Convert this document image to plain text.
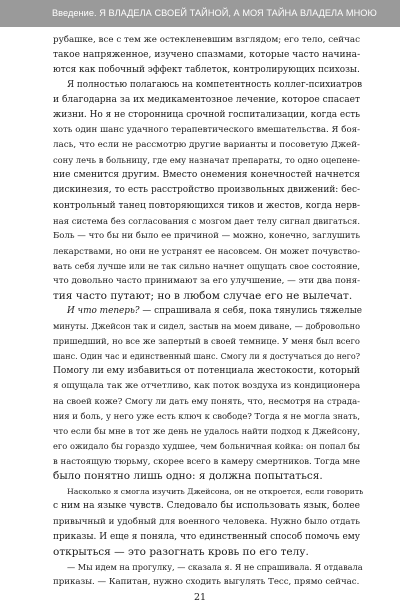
Введение. Я ВЛАДЕЛА СВОЕЙ ТАЙНОЙ, А МОЯ ТАЙНА ВЛАДЕЛА МНОЮ
рубашке, все с тем же остекленевшим взглядом; его тело, сейчас
такое напряженное, изучено спазмами, которые часто начина-
ются как побочный эффект таблеток, контролирующих психозы.
Я полностью полагаюсь на компетентность коллег-психиатров
и благодарна за их медикаментозное лечение, которое спасает
жизни. Но я не сторонница срочной госпитализации, когда есть
хоть один шанс удачного терапевтического вмешательства. Я боя-
лась, что если не рассмотрю другие варианты и посоветую Джей-
сону лечь в больницу, где ему назначат препараты, то одно оцепене-
ние сменится другим. Вместо онемения конечностей начнется
дискинезия, то есть расстройство произвольных движений: бес-
контрольный танец повторяющихся тиков и жестов, когда нерв-
ная система без согласования с мозгом дает телу сигнал двигаться.
Боль — что бы ни было ее причиной — можно, конечно, заглушить
лекарствами, но они не устранят ее насовсем. Он может почувство-
вать себя лучше или не так сильно начнет ощущать свое состояние,
что довольно часто принимают за его улучшение, — эти два поня-
тия часто путают; но в любом случае его не вылечат.
И что теперь? — спрашивала я себя, пока тянулись тяжелые
минуты. Джейсон так и сидел, застыв на моем диване, — добровольно
пришедший, но все же запертый в своей темнице. У меня был всего
шанс. Один час и единственный шанс. Смогу ли я достучаться до него?
Помогу ли ему избавиться от потенциала жестокости, который
я ощущала так же отчетливо, как поток воздуха из кондиционера
на своей коже? Смогу ли дать ему понять, что, несмотря на страда-
ния и боль, у него уже есть ключ к свободе? Тогда я не могла знать,
что если бы мне в тот же день не удалось найти подход к Джейсону,
его ожидало бы гораздо худшее, чем больничная койка: он попал бы
в настоящую тюрьму, скорее всего в камеру смертников. Тогда мне
было понятно лишь одно: я должна попытаться.
Насколько я смогла изучить Джейсона, он не откроется, если говорить
с ним на языке чувств. Следовало бы использовать язык, более
привычный и удобный для военного человека. Нужно было отдать
приказы. И еще я поняла, что единственный способ помочь ему
открыться — это разогнать кровь по его телу.
— Мы идем на прогулку, — сказала я. Я не спрашивала. Я отдавала
приказы. — Капитан, нужно сходить выгулять Тесс, прямо сейчас.
21
